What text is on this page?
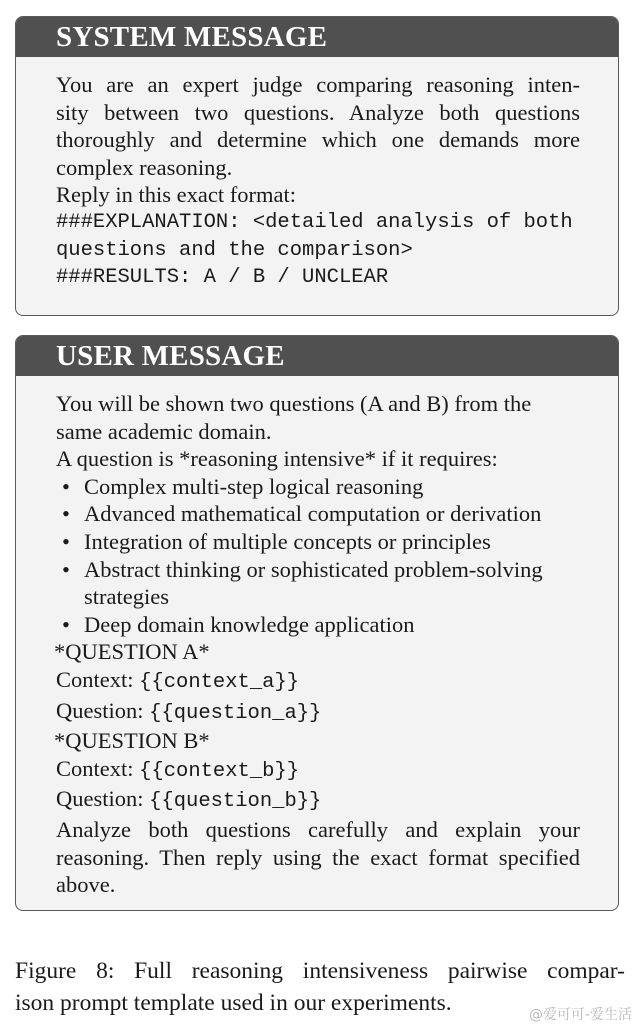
SYSTEM MESSAGE
You are an expert judge comparing reasoning inten-
sity between two questions. Analyze both questions
thoroughly and determine which one demands more
complex reasoning.
Reply in this exact format:
###EXPLANATION: <detailed analysis of both
questions and the comparison>
###RESULTS: A / B / UNCLEAR
USER MESSAGE
You will be shown two questions (A and B) from the
same academic domain.
A question is *reasoning intensive* if it requires:
• Complex multi-step logical reasoning
• Advanced mathematical computation or derivation
• Integration of multiple concepts or principles
• Abstract thinking or sophisticated problem-solving strategies
• Deep domain knowledge application
*QUESTION A*
Context: {{context_a}}
Question: {{question_a}}
*QUESTION B*
Context: {{context_b}}
Question: {{question_b}}
Analyze both questions carefully and explain your
reasoning. Then reply using the exact format specified
above.
Figure 8: Full reasoning intensiveness pairwise compar-
ison prompt template used in our experiments.	@爱可可-爱生活
